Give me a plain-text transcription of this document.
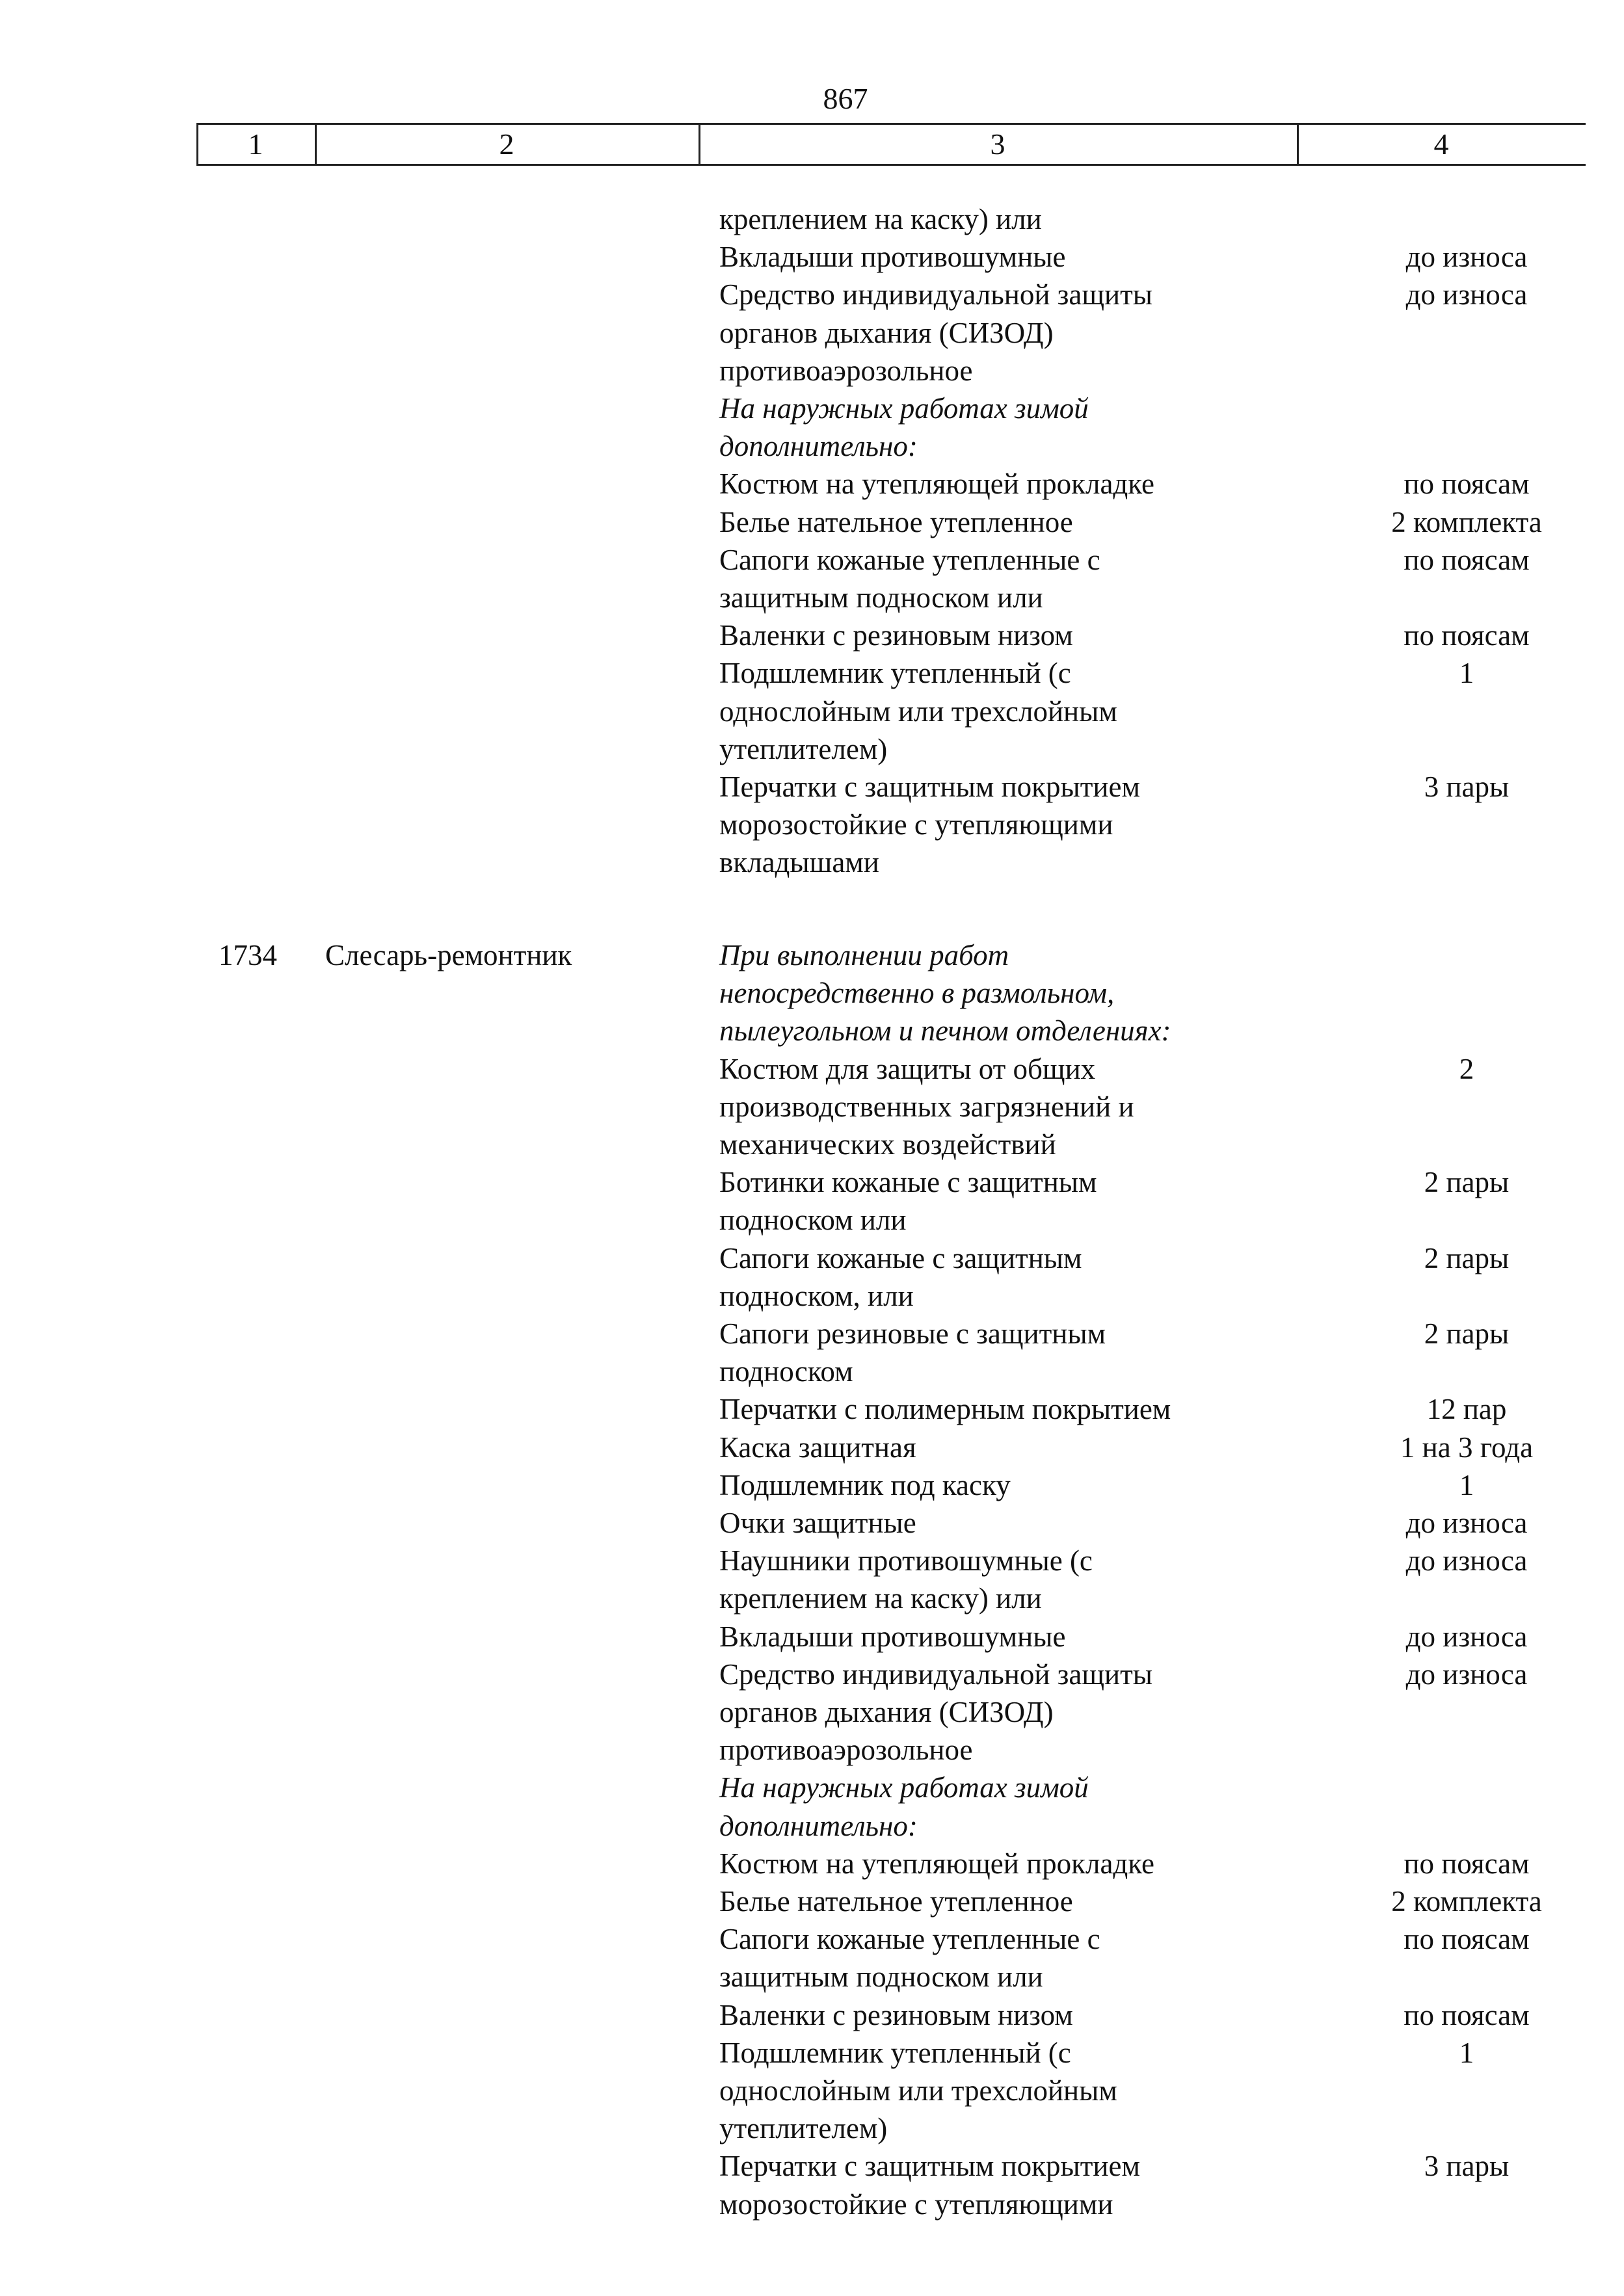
867
1	2	3	4
креплением на каску) или
Вкладыши противошумные	до износа
Средство индивидуальной защиты	до износа
органов дыхания (СИЗОД)
противоаэрозольное
На наружных работах зимой
дополнительно:
Костюм на утепляющей прокладке	по поясам
Белье нательное утепленное	2 комплекта
Сапоги кожаные утепленные с	по поясам
защитным подноском или
Валенки с резиновым низом	по поясам
Подшлемник утепленный (с	1
однослойным или трехслойным
утеплителем)
Перчатки с защитным покрытием	3 пары
морозостойкие с утепляющими
вкладышами
1734	Слесарь-ремонтник	При выполнении работ
непосредственно в размольном,
пылеугольном и печном отделениях:
Костюм для защиты от общих	2
производственных загрязнений и
механических воздействий
Ботинки кожаные с защитным	2 пары
подноском или
Сапоги кожаные с защитным	2 пары
подноском, или
Сапоги резиновые с защитным	2 пары
подноском
Перчатки с полимерным покрытием	12 пар
Каска защитная	1 на 3 года
Подшлемник под каску	1
Очки защитные	до износа
Наушники противошумные (с	до износа
креплением на каску) или
Вкладыши противошумные	до износа
Средство индивидуальной защиты	до износа
органов дыхания (СИЗОД)
противоаэрозольное
На наружных работах зимой
дополнительно:
Костюм на утепляющей прокладке	по поясам
Белье нательное утепленное	2 комплекта
Сапоги кожаные утепленные с	по поясам
защитным подноском или
Валенки с резиновым низом	по поясам
Подшлемник утепленный (с	1
однослойным или трехслойным
утеплителем)
Перчатки с защитным покрытием	3 пары
морозостойкие с утепляющими
